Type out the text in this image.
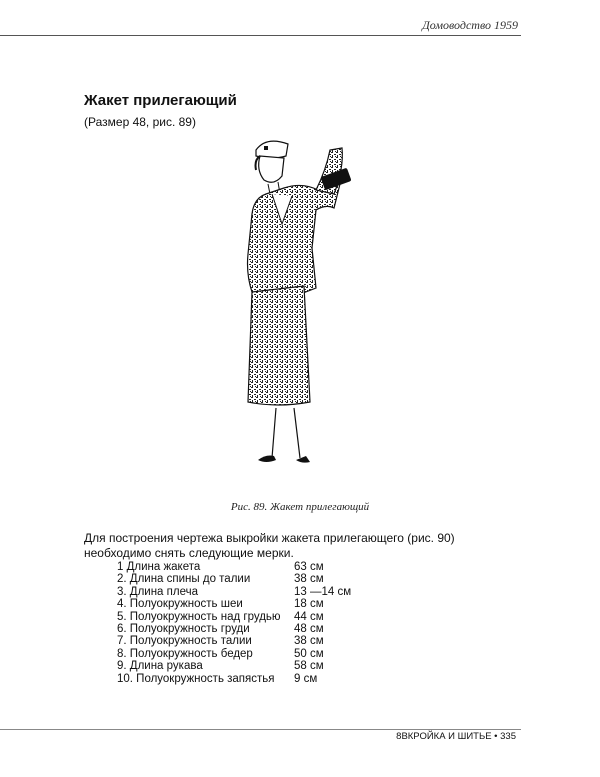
Домоводство 1959
Жакет прилегающий
(Размер 48, рис. 89)
Рис. 89. Жакет прилегающий
Для построения чертежа выкройки жакета прилегающего (рис. 90) необходимо снять следующие мерки.
1 Длина жакета	63 см
2. Длина спины до талии	38 см
3. Длина плеча	13 —14 см
4. Полуокружность шеи	18 см
5. Полуокружность над грудью	44 см
6. Полуокружность груди	48 см
7. Полуокружность талии	38 см
8. Полуокружность бедер	50 см
9. Длина рукава	58 см
10. Полуокружность запястья	9 см
8ВКРОЙКА И ШИТЬЕ • 335
